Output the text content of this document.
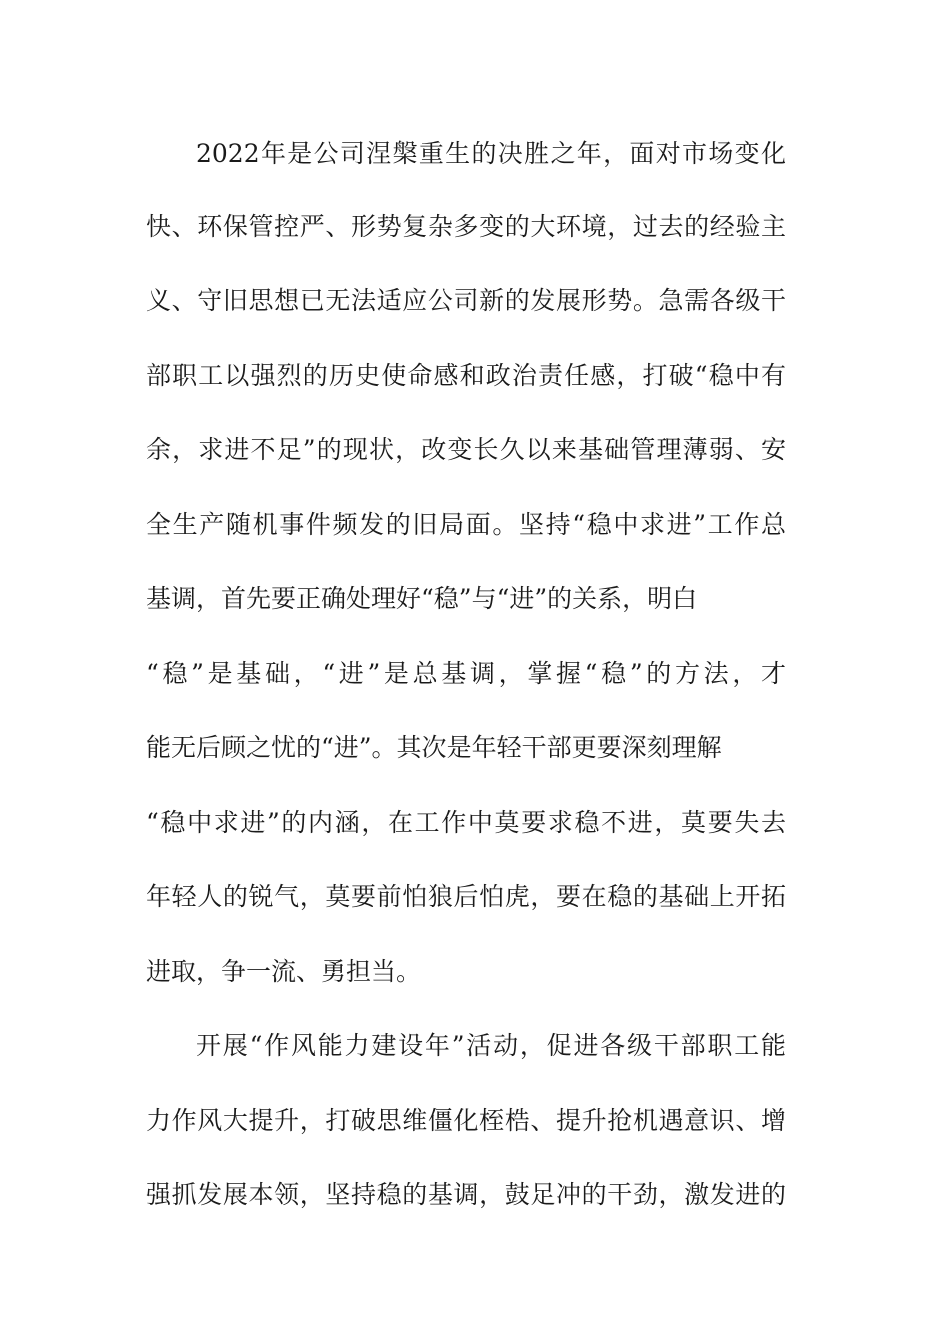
2022年是公司涅槃重生的决胜之年，面对市场变化
快、环保管控严、形势复杂多变的大环境，过去的经验主
义、守旧思想已无法适应公司新的发展形势。急需各级干
部职工以强烈的历史使命感和政治责任感，打破“稳中有
余，求进不足”的现状，改变长久以来基础管理薄弱、安
全生产随机事件频发的旧局面。坚持“稳中求进”工作总
基调，首先要正确处理好“稳”与“进”的关系，明白
“稳”是基础，“进”是总基调，掌握“稳”的方法，才
能无后顾之忧的“进”。其次是年轻干部更要深刻理解
“稳中求进”的内涵，在工作中莫要求稳不进，莫要失去
年轻人的锐气，莫要前怕狼后怕虎，要在稳的基础上开拓
进取，争一流、勇担当。
开展“作风能力建设年”活动，促进各级干部职工能
力作风大提升，打破思维僵化桎梏、提升抢机遇意识、增
强抓发展本领，坚持稳的基调，鼓足冲的干劲，激发进的
